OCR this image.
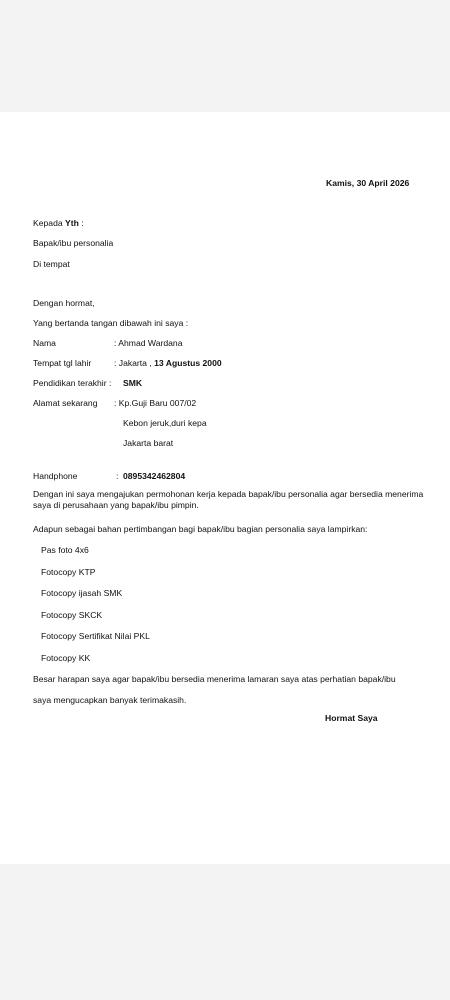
Kamis, 30 April 2026
Kepada Yth :
Bapak/ibu personalia
Di tempat
Dengan hormat,
Yang bertanda tangan dibawah ini saya :
Nama	: Ahmad Wardana
Tempat tgl lahir	: Jakarta , 13 Agustus 2000
Pendidikan terakhir : SMK
Alamat sekarang : Kp.Guji Baru 007/02
Kebon jeruk,duri kepa
Jakarta barat
Handphone	: 0895342462804
Dengan ini saya mengajukan permohonan kerja kepada bapak/ibu personalia agar bersedia menerima saya di perusahaan yang bapak/ibu pimpin.
Adapun sebagai bahan pertimbangan bagi bapak/ibu bagian personalia saya lampirkan:
Pas foto 4x6
Fotocopy KTP
Fotocopy ijasah SMK
Fotocopy SKCK
Fotocopy Sertifikat Nilai PKL
Fotocopy KK
Besar harapan saya agar bapak/ibu bersedia menerima lamaran saya atas perhatian bapak/ibu
saya mengucapkan banyak terimakasih.
Hormat Saya
